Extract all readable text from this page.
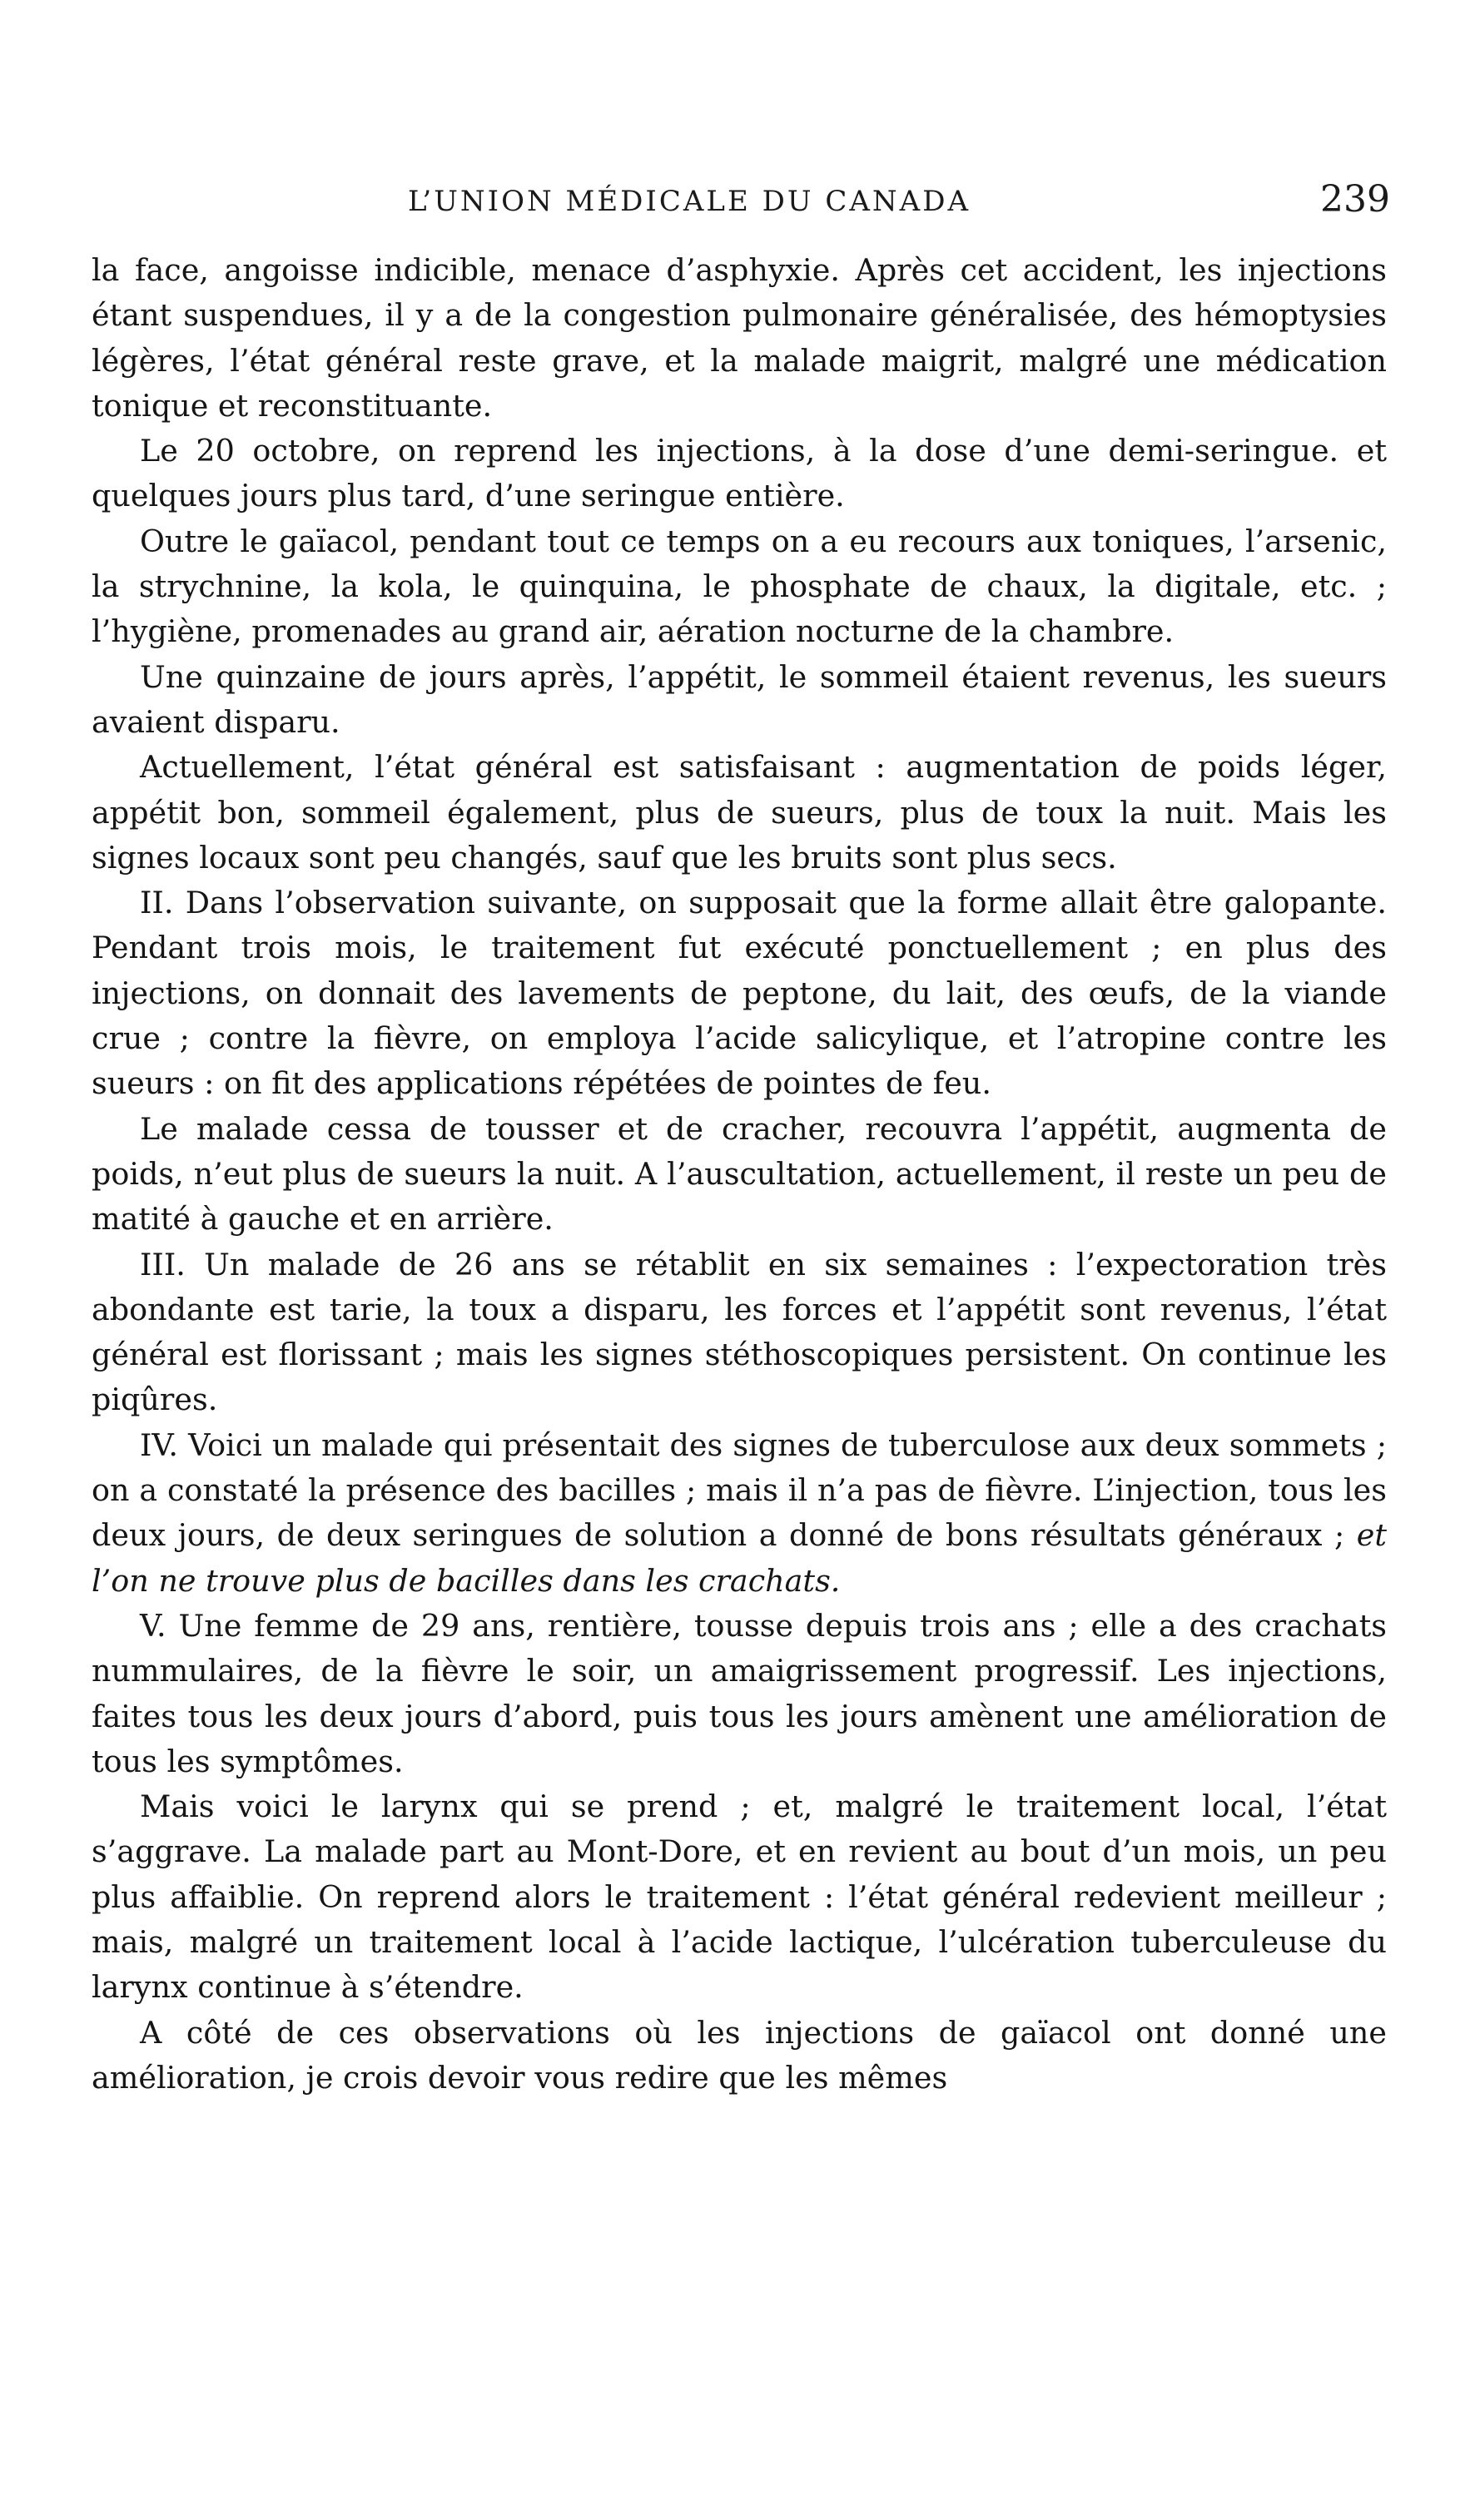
L’UNION MÉDICALE DU CANADA	239

la face, angoisse indicible, menace d’asphyxie. Après cet accident, les injections étant suspendues, il y a de la congestion pulmonaire généralisée, des hémoptysies légères, l’état général reste grave, et la malade maigrit, malgré une médication tonique et reconstituante.

Le 20 octobre, on reprend les injections, à la dose d’une demi-seringue. et quelques jours plus tard, d’une seringue entière.

Outre le gaïacol, pendant tout ce temps on a eu recours aux toniques, l’arsenic, la strychnine, la kola, le quinquina, le phosphate de chaux, la digitale, etc. ; l’hygiène, promenades au grand air, aération nocturne de la chambre.

Une quinzaine de jours après, l’appétit, le sommeil étaient revenus, les sueurs avaient disparu.

Actuellement, l’état général est satisfaisant : augmentation de poids léger, appétit bon, sommeil également, plus de sueurs, plus de toux la nuit. Mais les signes locaux sont peu changés, sauf que les bruits sont plus secs.

II. Dans l’observation suivante, on supposait que la forme allait être galopante. Pendant trois mois, le traitement fut exécuté ponctuellement ; en plus des injections, on donnait des lavements de peptone, du lait, des œufs, de la viande crue ; contre la fièvre, on employa l’acide salicylique, et l’atropine contre les sueurs : on fit des applications répétées de pointes de feu.

Le malade cessa de tousser et de cracher, recouvra l’appétit, augmenta de poids, n’eut plus de sueurs la nuit. A l’auscultation, actuellement, il reste un peu de matité à gauche et en arrière.

III. Un malade de 26 ans se rétablit en six semaines : l’expectoration très abondante est tarie, la toux a disparu, les forces et l’appétit sont revenus, l’état général est florissant ; mais les signes stéthoscopiques persistent. On continue les piqûres.

IV. Voici un malade qui présentait des signes de tuberculose aux deux sommets ; on a constaté la présence des bacilles ; mais il n’a pas de fièvre. L’injection, tous les deux jours, de deux seringues de solution a donné de bons résultats généraux ; et l’on ne trouve plus de bacilles dans les crachats.

V. Une femme de 29 ans, rentière, tousse depuis trois ans ; elle a des crachats nummulaires, de la fièvre le soir, un amaigrissement progressif. Les injections, faites tous les deux jours d’abord, puis tous les jours amènent une amélioration de tous les symptômes.

Mais voici le larynx qui se prend ; et, malgré le traitement local, l’état s’aggrave. La malade part au Mont-Dore, et en revient au bout d’un mois, un peu plus affaiblie. On reprend alors le traitement : l’état général redevient meilleur ; mais, malgré un traitement local à l’acide lactique, l’ulcération tuberculeuse du larynx continue à s’étendre.

A côté de ces observations où les injections de gaïacol ont donné une amélioration, je crois devoir vous redire que les mêmes
